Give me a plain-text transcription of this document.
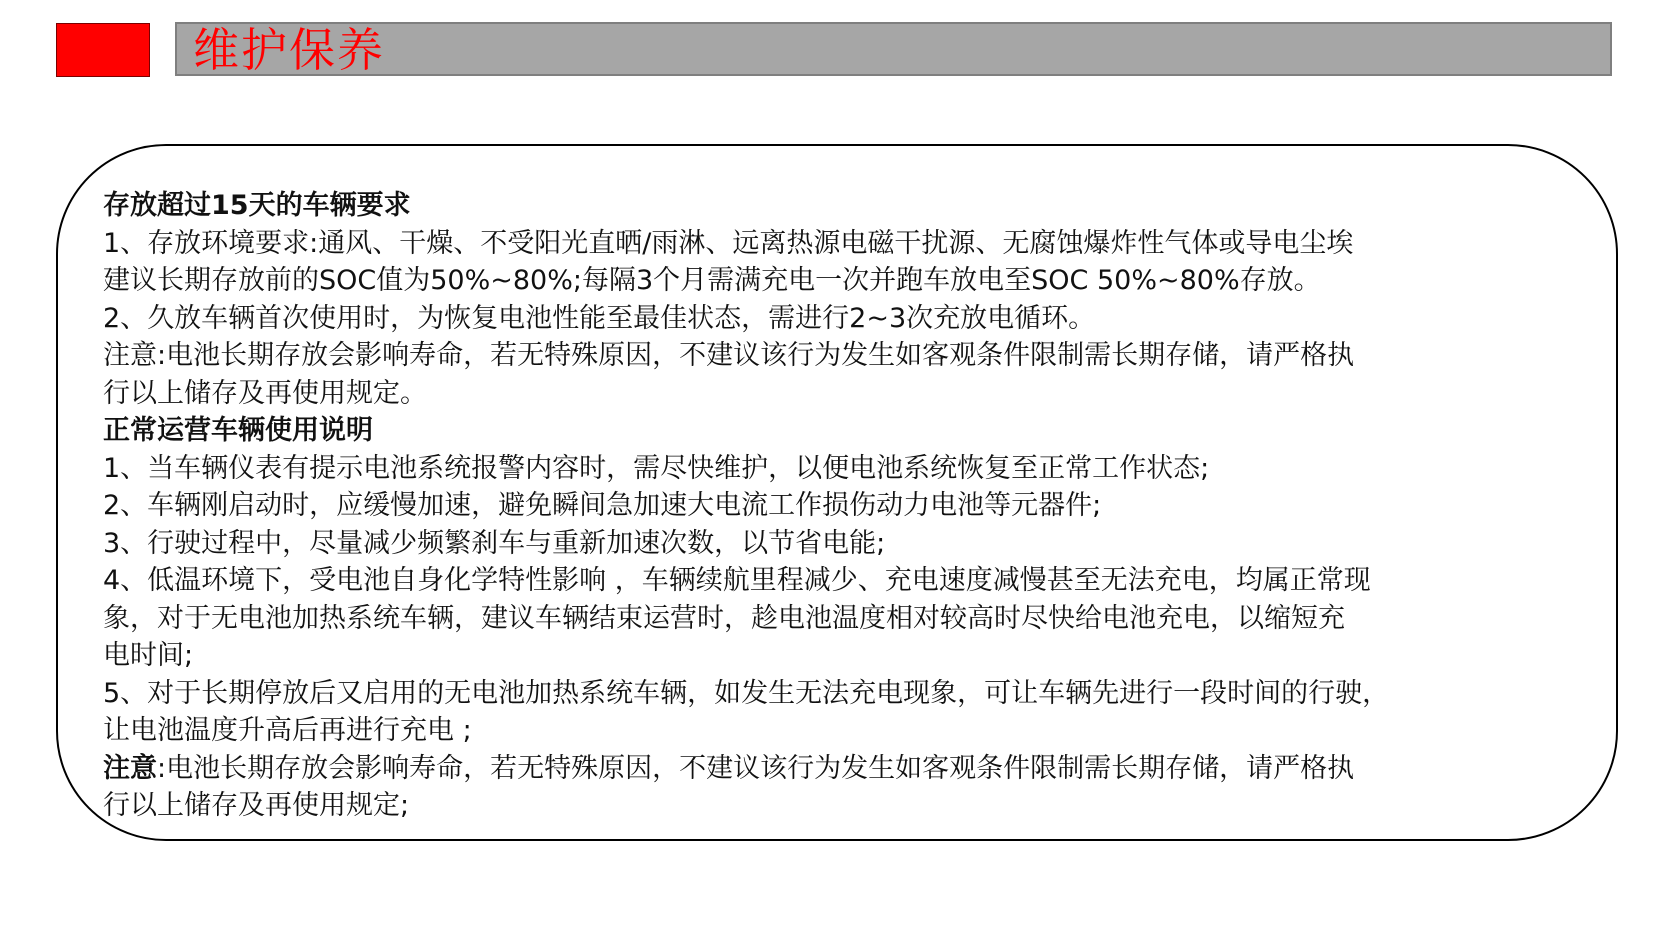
维护保养

存放超过15天的车辆要求

1、存放环境要求:通风、干燥、不受阳光直晒/雨淋、远离热源电磁干扰源、无腐蚀爆炸性气体或导电尘埃

建议长期存放前的SOC值为50%~80%;每隔3个月需满充电一次并跑车放电至SOC 50%~80%存放。

2、久放车辆首次使用时，为恢复电池性能至最佳状态，需进行2~3次充放电循环。

注意:电池长期存放会影响寿命，若无特殊原因，不建议该行为发生如客观条件限制需长期存储，请严格执

行以上储存及再使用规定。

正常运营车辆使用说明

1、当车辆仪表有提示电池系统报警内容时，需尽快维护，以便电池系统恢复至正常工作状态;

2、车辆刚启动时，应缓慢加速，避免瞬间急加速大电流工作损伤动力电池等元器件;

3、行驶过程中，尽量减少频繁刹车与重新加速次数，以节省电能;

4、低温环境下，受电池自身化学特性影响 ，车辆续航里程减少、充电速度减慢甚至无法充电，均属正常现

象，对于无电池加热系统车辆，建议车辆结束运营时，趁电池温度相对较高时尽快给电池充电，以缩短充

电时间;

5、对于长期停放后又启用的无电池加热系统车辆，如发生无法充电现象，可让车辆先进行一段时间的行驶，

让电池温度升高后再进行充电 ;

注意:电池长期存放会影响寿命，若无特殊原因，不建议该行为发生如客观条件限制需长期存储，请严格执

行以上储存及再使用规定;
